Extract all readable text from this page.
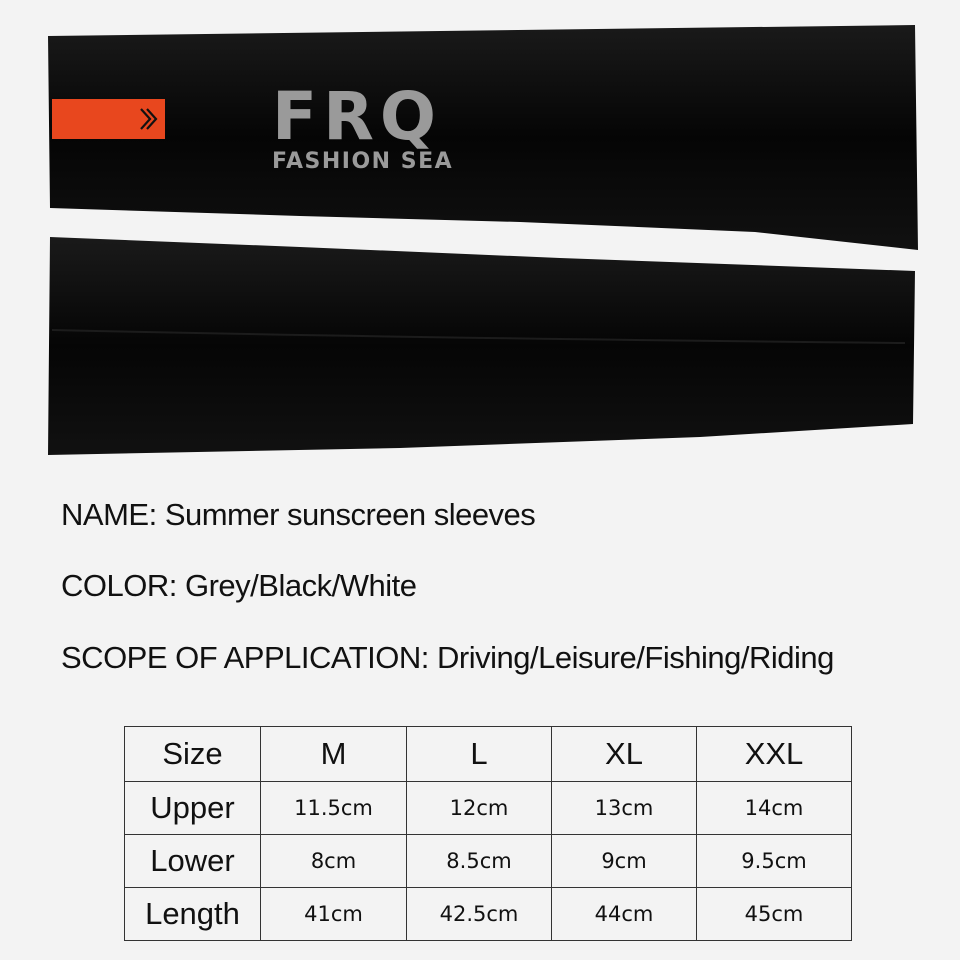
FRQ
FASHION SEA
NAME: Summer sunscreen sleeves
COLOR: Grey/Black/White
SCOPE OF APPLICATION: Driving/Leisure/Fishing/Riding
Size	M	L	XL	XXL
Upper	11.5cm	12cm	13cm	14cm
Lower	8cm	8.5cm	9cm	9.5cm
Length	41cm	42.5cm	44cm	45cm
